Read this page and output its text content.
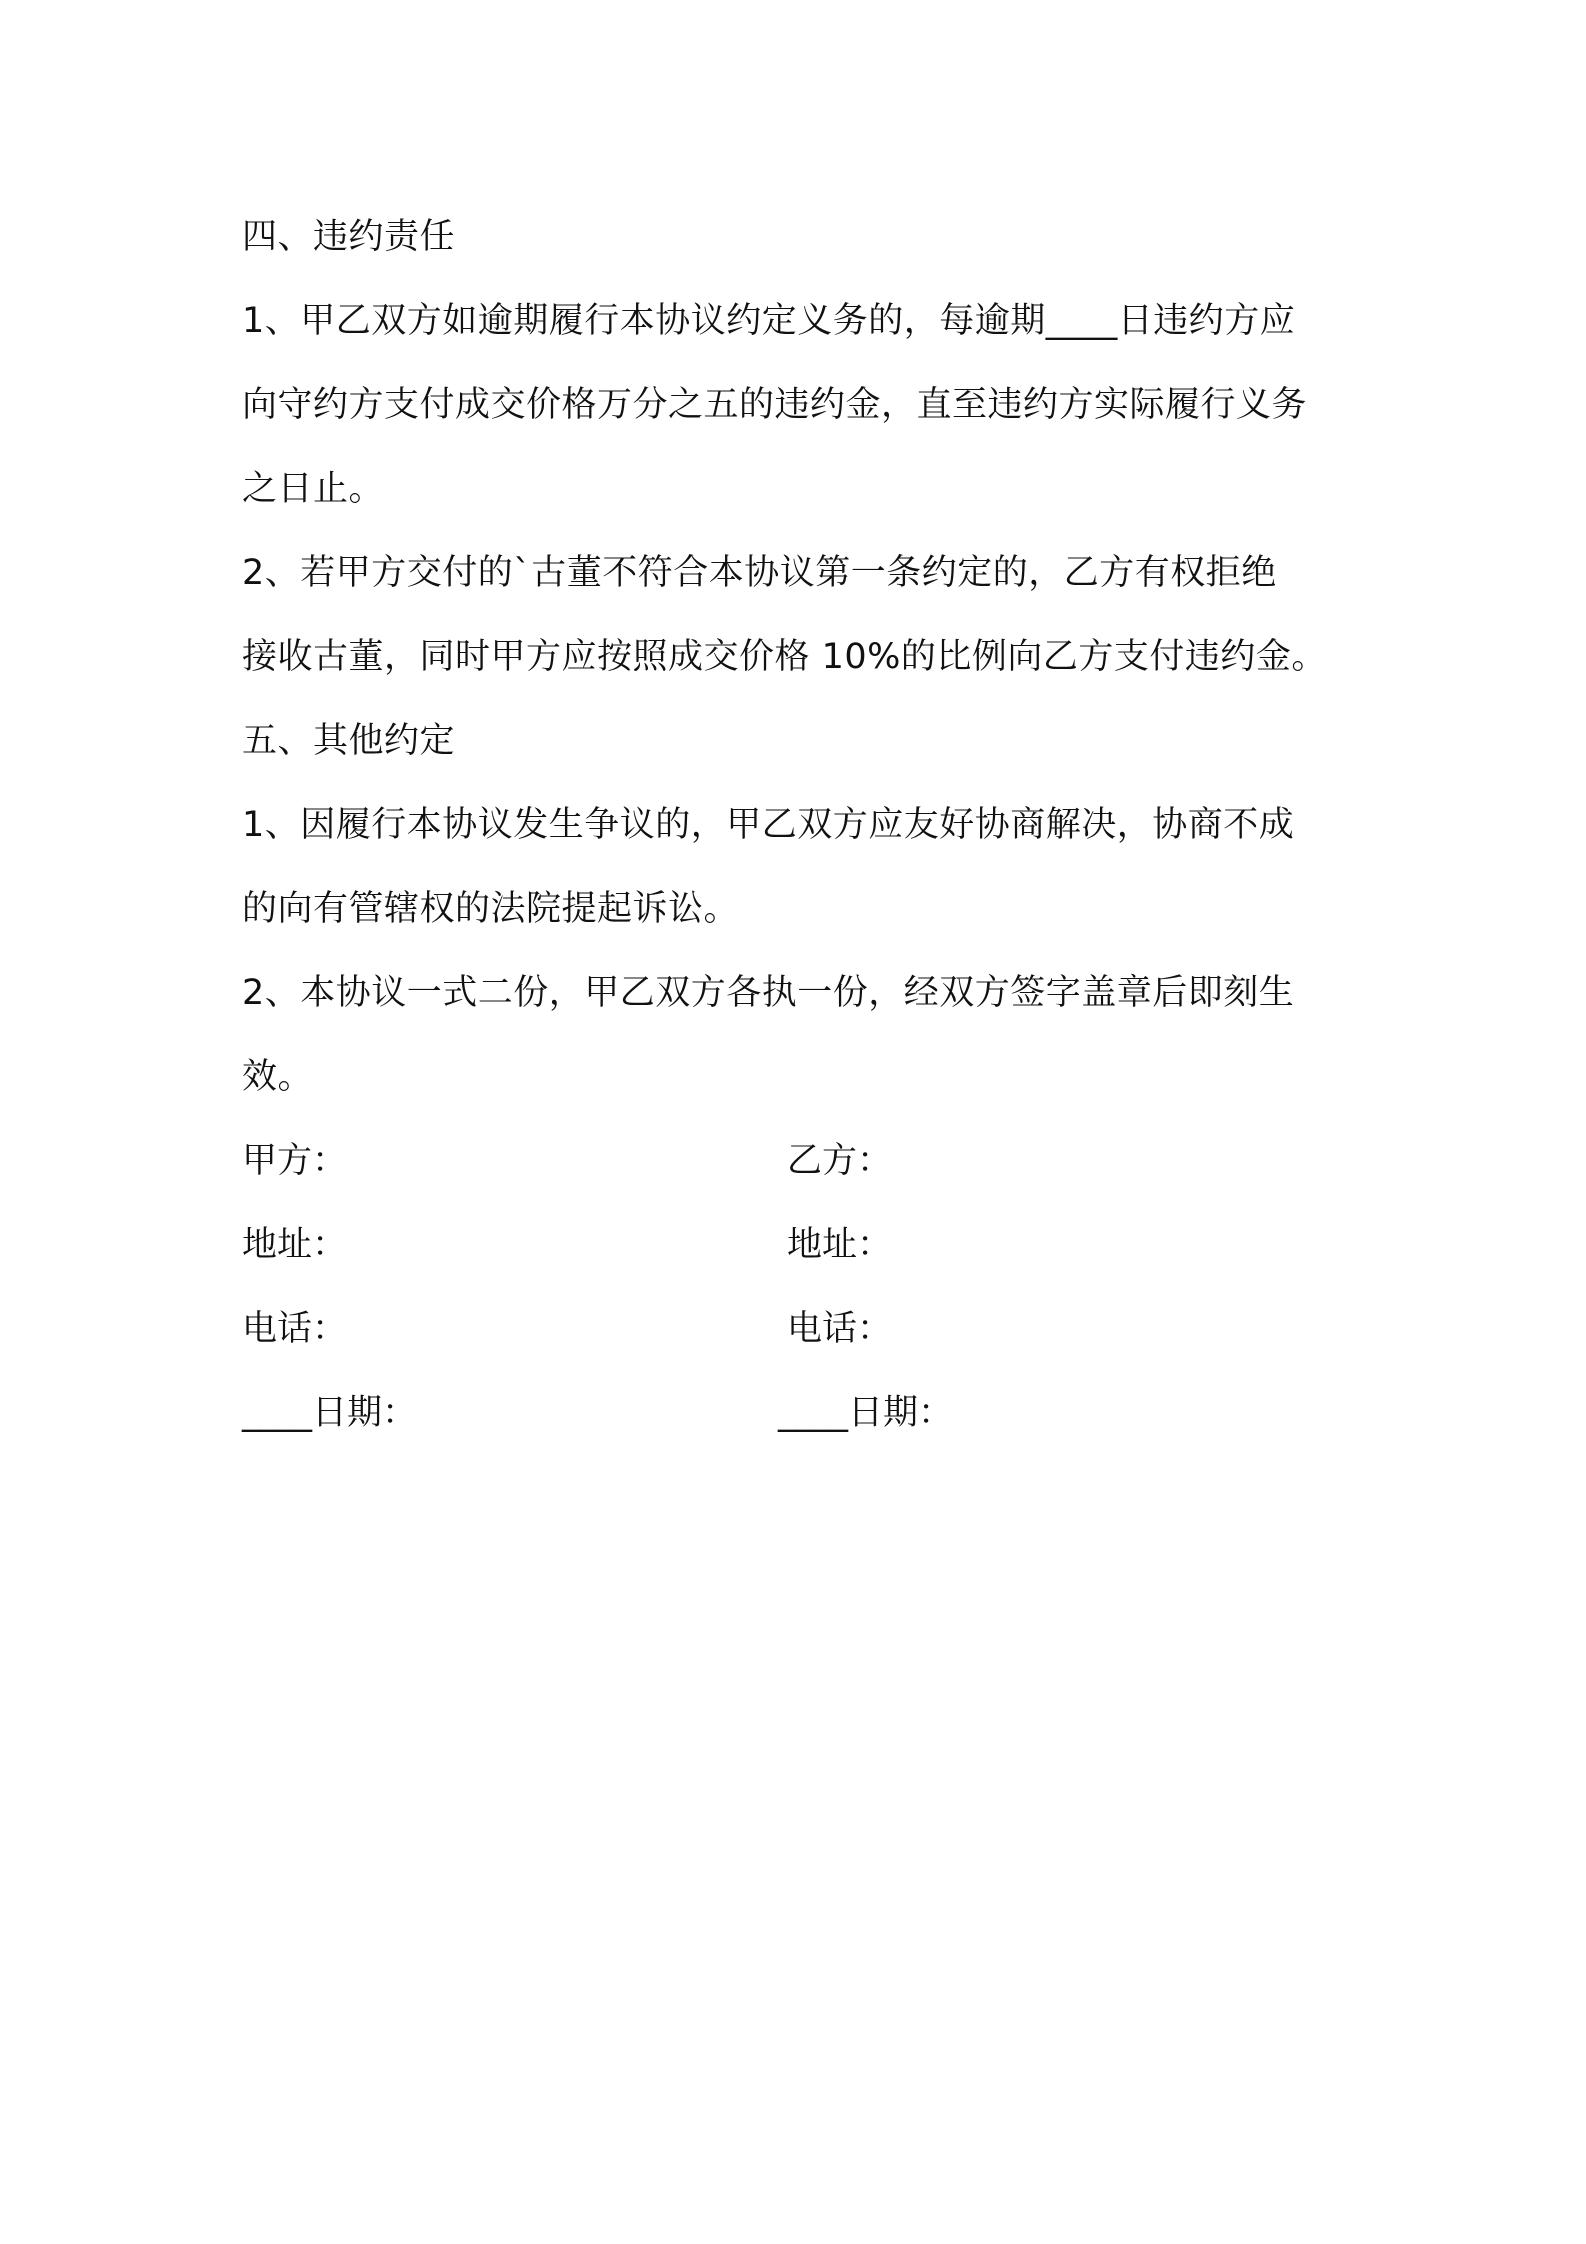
四、违约责任
1、甲乙双方如逾期履行本协议约定义务的，每逾期____日违约方应
向守约方支付成交价格万分之五的违约金，直至违约方实际履行义务
之日止。
2、若甲方交付的`古董不符合本协议第一条约定的，乙方有权拒绝
接收古董，同时甲方应按照成交价格 10%的比例向乙方支付违约金。
五、其他约定
1、因履行本协议发生争议的，甲乙双方应友好协商解决，协商不成
的向有管辖权的法院提起诉讼。
2、本协议一式二份，甲乙双方各执一份，经双方签字盖章后即刻生
效。
甲方：	乙方：
地址：	地址：
电话：	电话：
____日期：	____日期：
